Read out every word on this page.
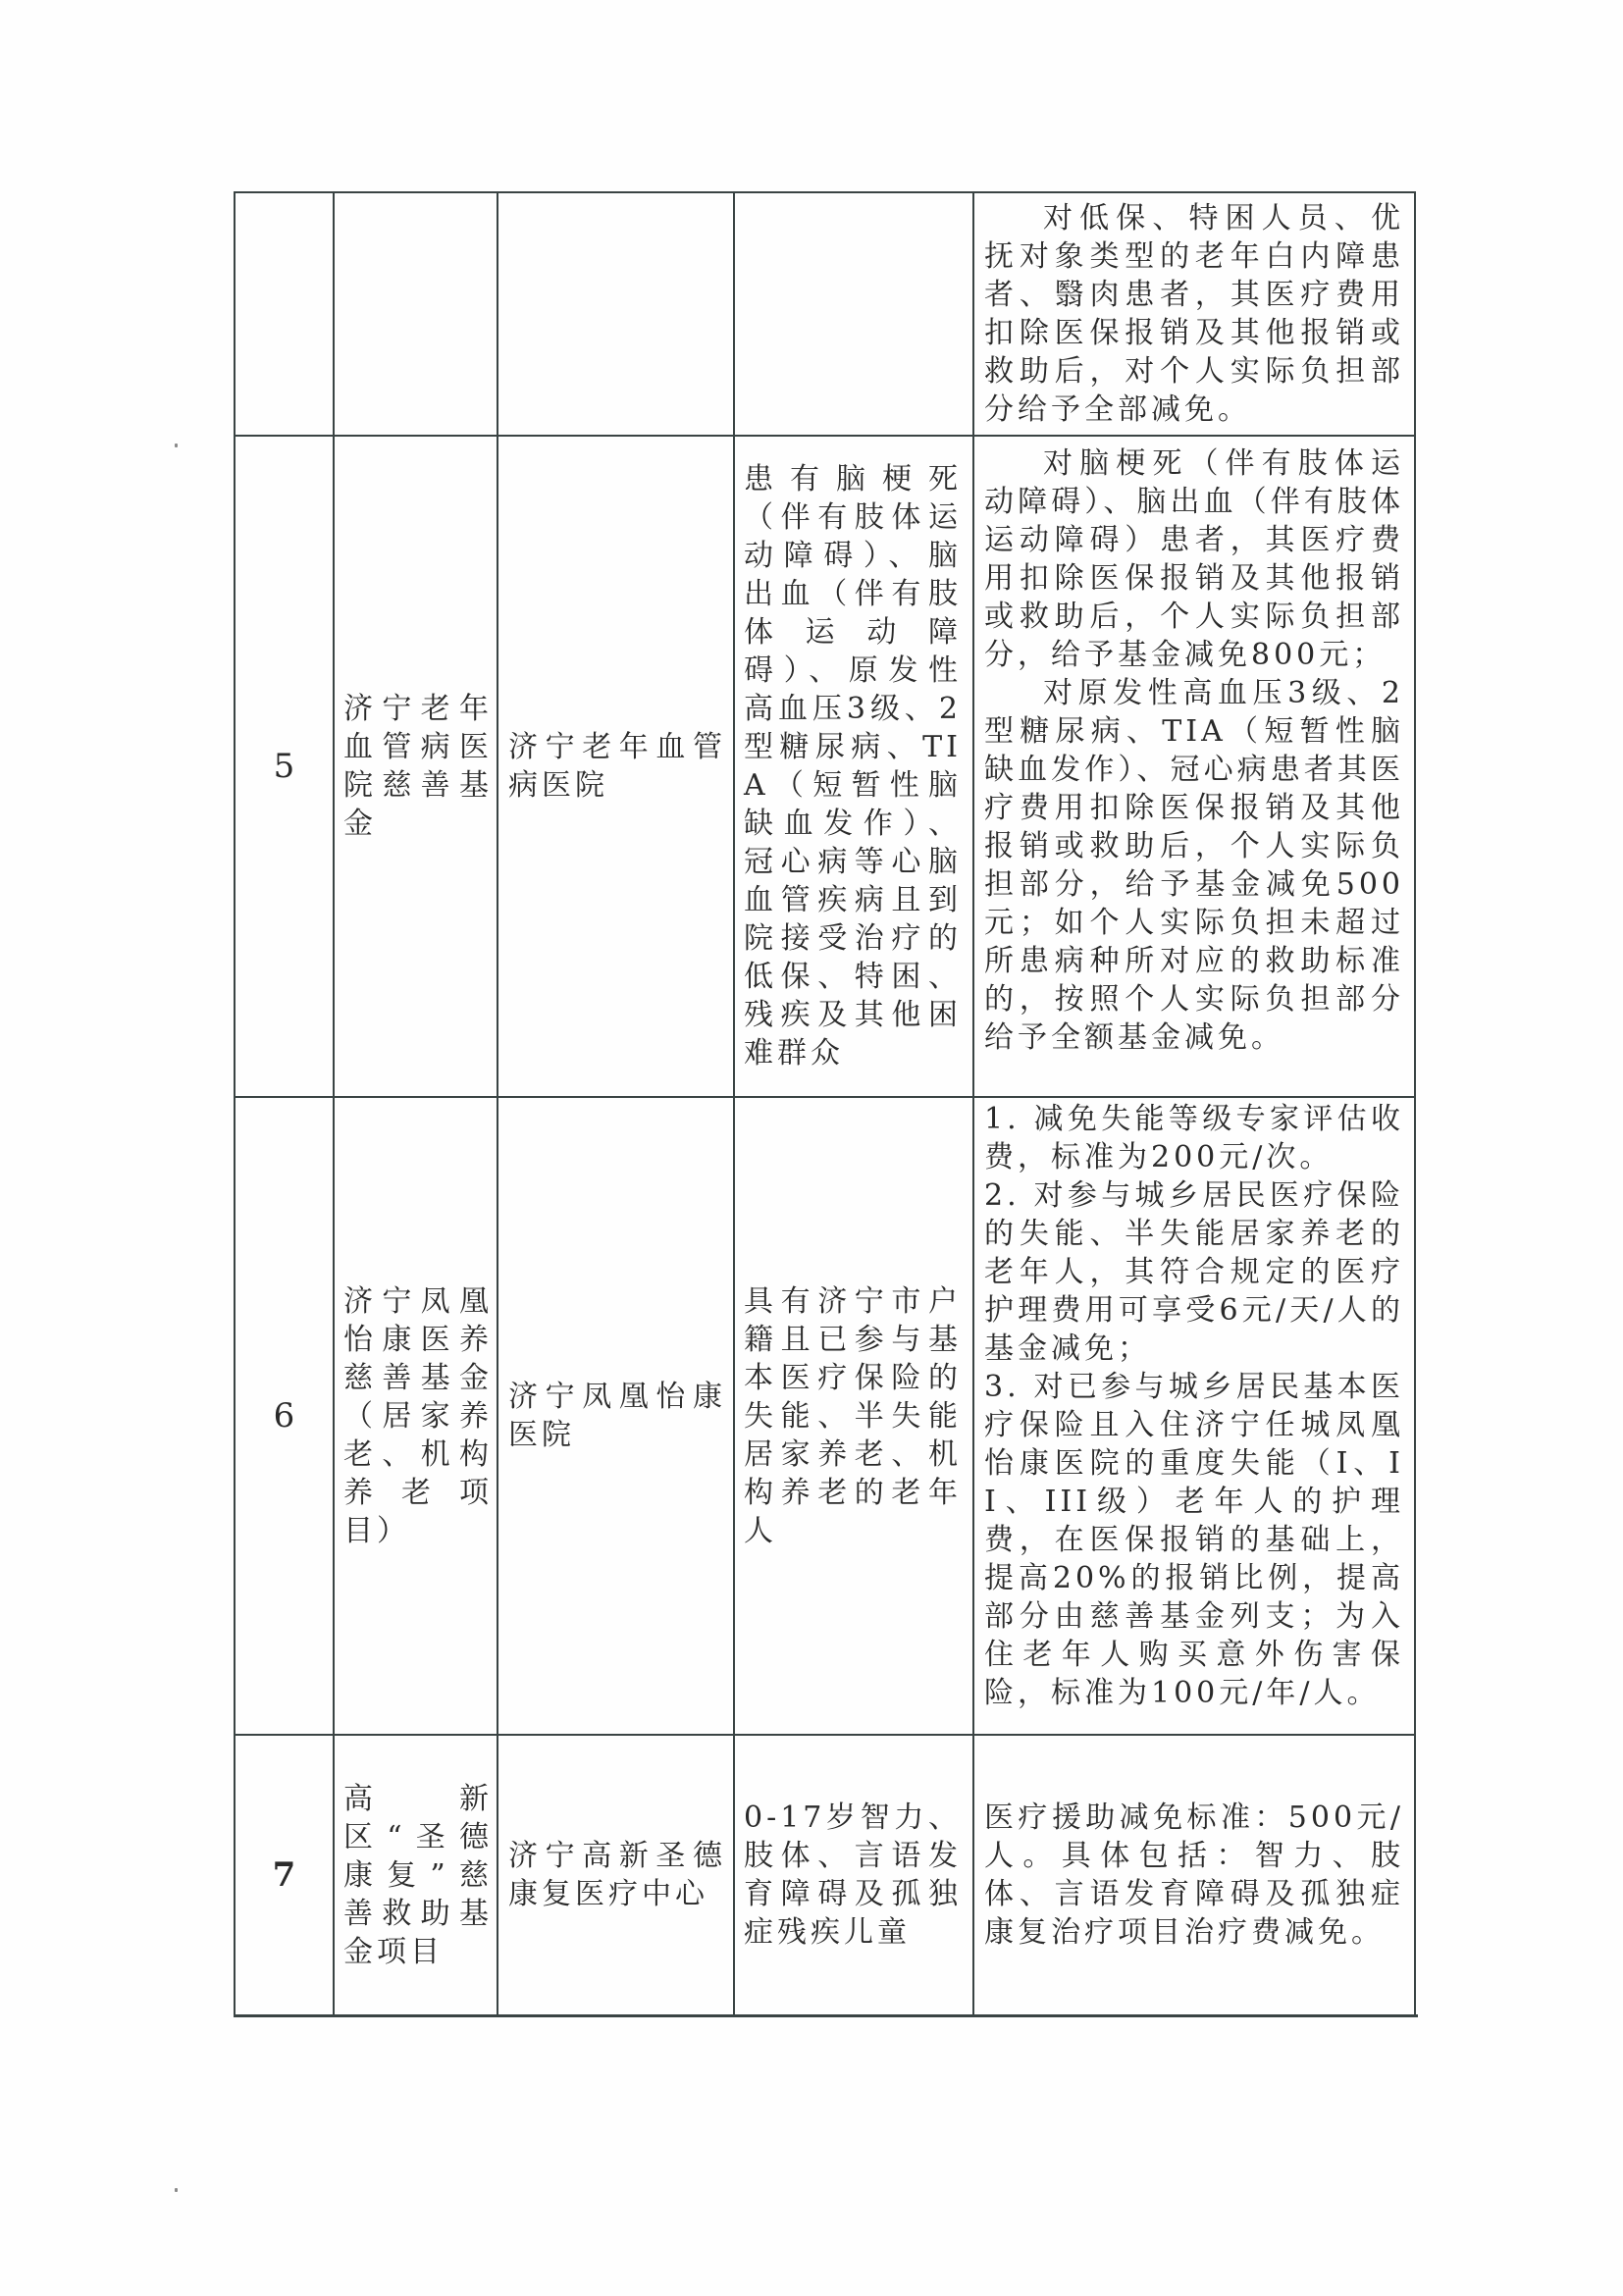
对低保、特困人员、优抚对象类型的老年白内障患者、翳肉患者，其医疗费用扣除医保报销及其他报销或救助后，对个人实际负担部分给予全部减免。
5
济宁老年血管病医院慈善基金
济宁老年血管病医院
患有脑梗死（伴有肢体运动障碍）、脑出血（伴有肢体运动障碍）、原发性高血压3级、2型糖尿病、TIA（短暂性脑缺血发作）、冠心病等心脑血管疾病且到院接受治疗的低保、特困、残疾及其他困难群众
对脑梗死（伴有肢体运动障碍）、脑出血（伴有肢体运动障碍）患者，其医疗费用扣除医保报销及其他报销或救助后，个人实际负担部分，给予基金减免800元；
对原发性高血压3级、2型糖尿病、TIA（短暂性脑缺血发作）、冠心病患者其医疗费用扣除医保报销及其他报销或救助后，个人实际负担部分，给予基金减免500元；如个人实际负担未超过所患病种所对应的救助标准的，按照个人实际负担部分给予全额基金减免。
6
济宁凤凰怡康医养慈善基金（居家养老、机构养老项目）
济宁凤凰怡康医院
具有济宁市户籍且已参与基本医疗保险的失能、半失能居家养老、机构养老的老年人
1. 减免失能等级专家评估收费，标准为200元/次。
2. 对参与城乡居民医疗保险的失能、半失能居家养老的老年人，其符合规定的医疗护理费用可享受6元/天/人的基金减免；
3. 对已参与城乡居民基本医疗保险且入住济宁任城凤凰怡康医院的重度失能（I、II、III级）老年人的护理费，在医保报销的基础上，提高20%的报销比例，提高部分由慈善基金列支；为入住老年人购买意外伤害保险，标准为100元/年/人。
7
高新区“圣德康复”慈善救助基金项目
济宁高新圣德康复医疗中心
0-17岁智力、肢体、言语发育障碍及孤独症残疾儿童
医疗援助减免标准：500元/人。具体包括：智力、肢体、言语发育障碍及孤独症康复治疗项目治疗费减免。
